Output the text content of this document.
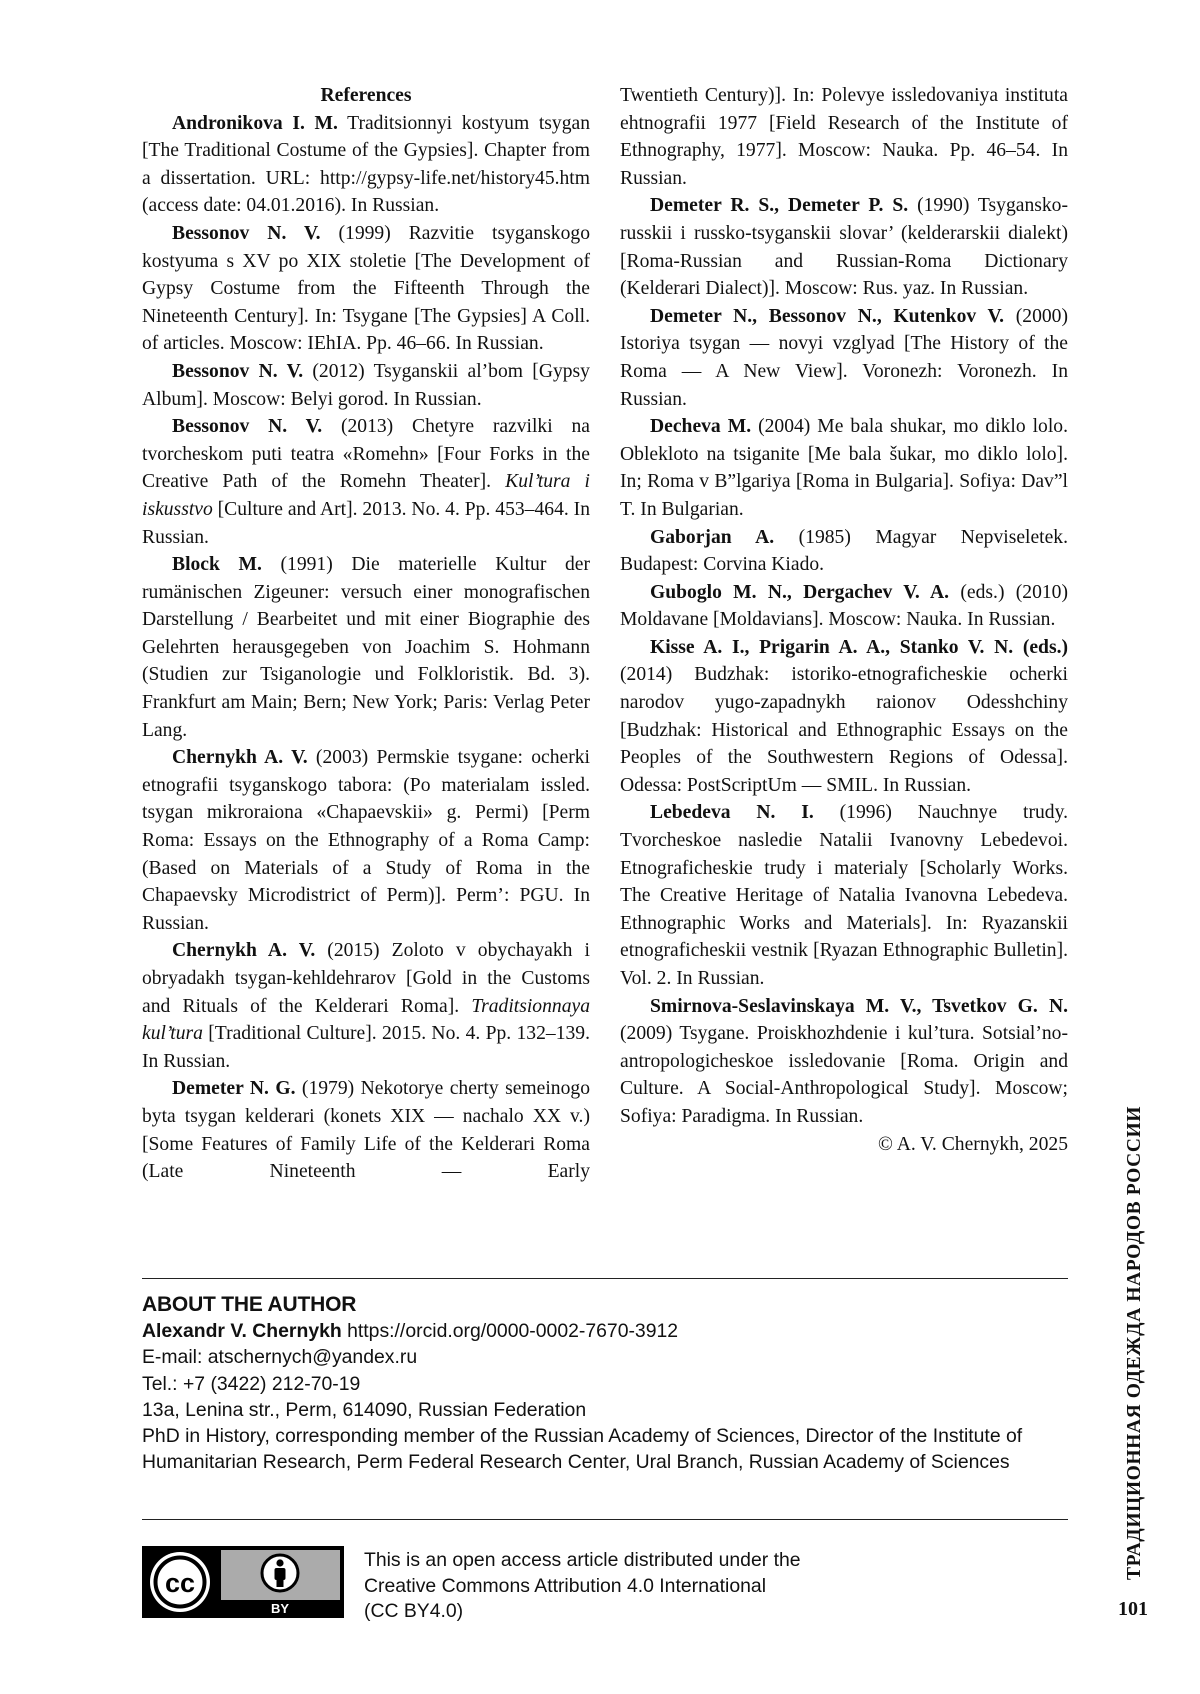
References

Andronikova I. M. Traditsionnyi kostyum tsygan [The Traditional Costume of the Gypsies]. Chapter from a dissertation. URL: http://gypsy-life.net/history45.htm (access date: 04.01.2016). In Russian.

Bessonov N. V. (1999) Razvitie tsyganskogo kostyuma s XV po XIX stoletie [The Development of Gypsy Costume from the Fifteenth Through the Nineteenth Century]. In: Tsygane [The Gypsies] A Coll. of articles. Moscow: IEhIA. Pp. 46–66. In Russian.

Bessonov N. V. (2012) Tsyganskii al’bom [Gypsy Album]. Moscow: Belyi gorod. In Russian.

Bessonov N. V. (2013) Chetyre razvilki na tvorcheskom puti teatra «Romehn» [Four Forks in the Creative Path of the Romehn Theater]. Kul’tura i iskusstvo [Culture and Art]. 2013. No. 4. Pp. 453–464. In Russian.

Block M. (1991) Die materielle Kultur der rumänischen Zigeuner: versuch einer monografischen Darstellung / Bearbeitet und mit einer Biographie des Gelehrten herausgegeben von Joachim S. Hohmann (Studien zur Tsiganologie und Folkloristik. Bd. 3). Frankfurt am Main; Bern; New York; Paris: Verlag Peter Lang.

Chernykh A. V. (2003) Permskie tsygane: ocherki etnografii tsyganskogo tabora: (Po materialam issled. tsygan mikroraiona «Chapaevskii» g. Permi) [Perm Roma: Essays on the Ethnography of a Roma Camp: (Based on Materials of a Study of Roma in the Chapaevsky Microdistrict of Perm)]. Perm’: PGU. In Russian.

Chernykh A. V. (2015) Zoloto v obychayakh i obryadakh tsygan-kehldehrarov [Gold in the Customs and Rituals of the Kelderari Roma]. Traditsionnaya kul’tura [Traditional Culture]. 2015. No. 4. Pp. 132–139. In Russian.

Demeter N. G. (1979) Nekotorye cherty semeinogo byta tsygan kelderari (konets XIX — nachalo XX v.) [Some Features of Family Life of the Kelderari Roma (Late Nineteenth — Early

Twentieth Century)]. In: Polevye issledovaniya instituta ehtnografii 1977 [Field Research of the Institute of Ethnography, 1977]. Moscow: Nauka. Pp. 46–54. In Russian.

Demeter R. S., Demeter P. S. (1990) Tsygansko-russkii i russko-tsyganskii slovar’ (kelderarskii dialekt) [Roma-Russian and Russian-Roma Dictionary (Kelderari Dialect)]. Moscow: Rus. yaz. In Russian.

Demeter N., Bessonov N., Kutenkov V. (2000) Istoriya tsygan — novyi vzglyad [The History of the Roma — A New View]. Voronezh: Voronezh. In Russian.

Decheva M. (2004) Me bala shukar, mo diklo lolo. Oblekloto na tsiganite [Me bala šukar, mo diklo lolo]. In; Roma v B”lgariya [Roma in Bulgaria]. Sofiya: Dav”l T. In Bulgarian.

Gaborjan A. (1985) Magyar Nepviseletek. Budapest: Corvina Kiado.

Guboglo M. N., Dergachev V. A. (eds.) (2010) Moldavane [Moldavians]. Moscow: Nauka. In Russian.

Kisse A. I., Prigarin A. A., Stanko V. N. (eds.) (2014) Budzhak: istoriko-etnograficheskie ocherki narodov yugo-zapadnykh raionov Odesshchiny [Budzhak: Historical and Ethnographic Essays on the Peoples of the Southwestern Regions of Odessa]. Odessa: PostScriptUm — SMIL. In Russian.

Lebedeva N. I. (1996) Nauchnye trudy. Tvorcheskoe nasledie Natalii Ivanovny Lebedevoi. Etnograficheskie trudy i materialy [Scholarly Works. The Creative Heritage of Natalia Ivanovna Lebedeva. Ethnographic Works and Materials]. In: Ryazanskii etnograficheskii vestnik [Ryazan Ethnographic Bulletin]. Vol. 2. In Russian.

Smirnova-Seslavinskaya M. V., Tsvetkov G. N. (2009) Tsygane. Proiskhozhdenie i kul’tura. Sotsial’no-antropologicheskoe issledovanie [Roma. Origin and Culture. A Social-Anthropological Study]. Moscow; Sofiya: Paradigma. In Russian.

© A. V. Chernykh, 2025

ABOUT THE AUTHOR
Alexandr V. Chernykh https://orcid.org/0000-0002-7670-3912
E-mail: atschernych@yandex.ru
Tel.: +7 (3422) 212-70-19
13a, Lenina str., Perm, 614090, Russian Federation
PhD in History, corresponding member of the Russian Academy of Sciences, Director of the Institute of Humanitarian Research, Perm Federal Research Center, Ural Branch, Russian Academy of Sciences
cc
BY
This is an open access article distributed under the Creative Commons Attribution 4.0 International (CC BY4.0)
ТРАДИЦИОННАЯ ОДЕЖДА НАРОДОВ РОССИИ
101
